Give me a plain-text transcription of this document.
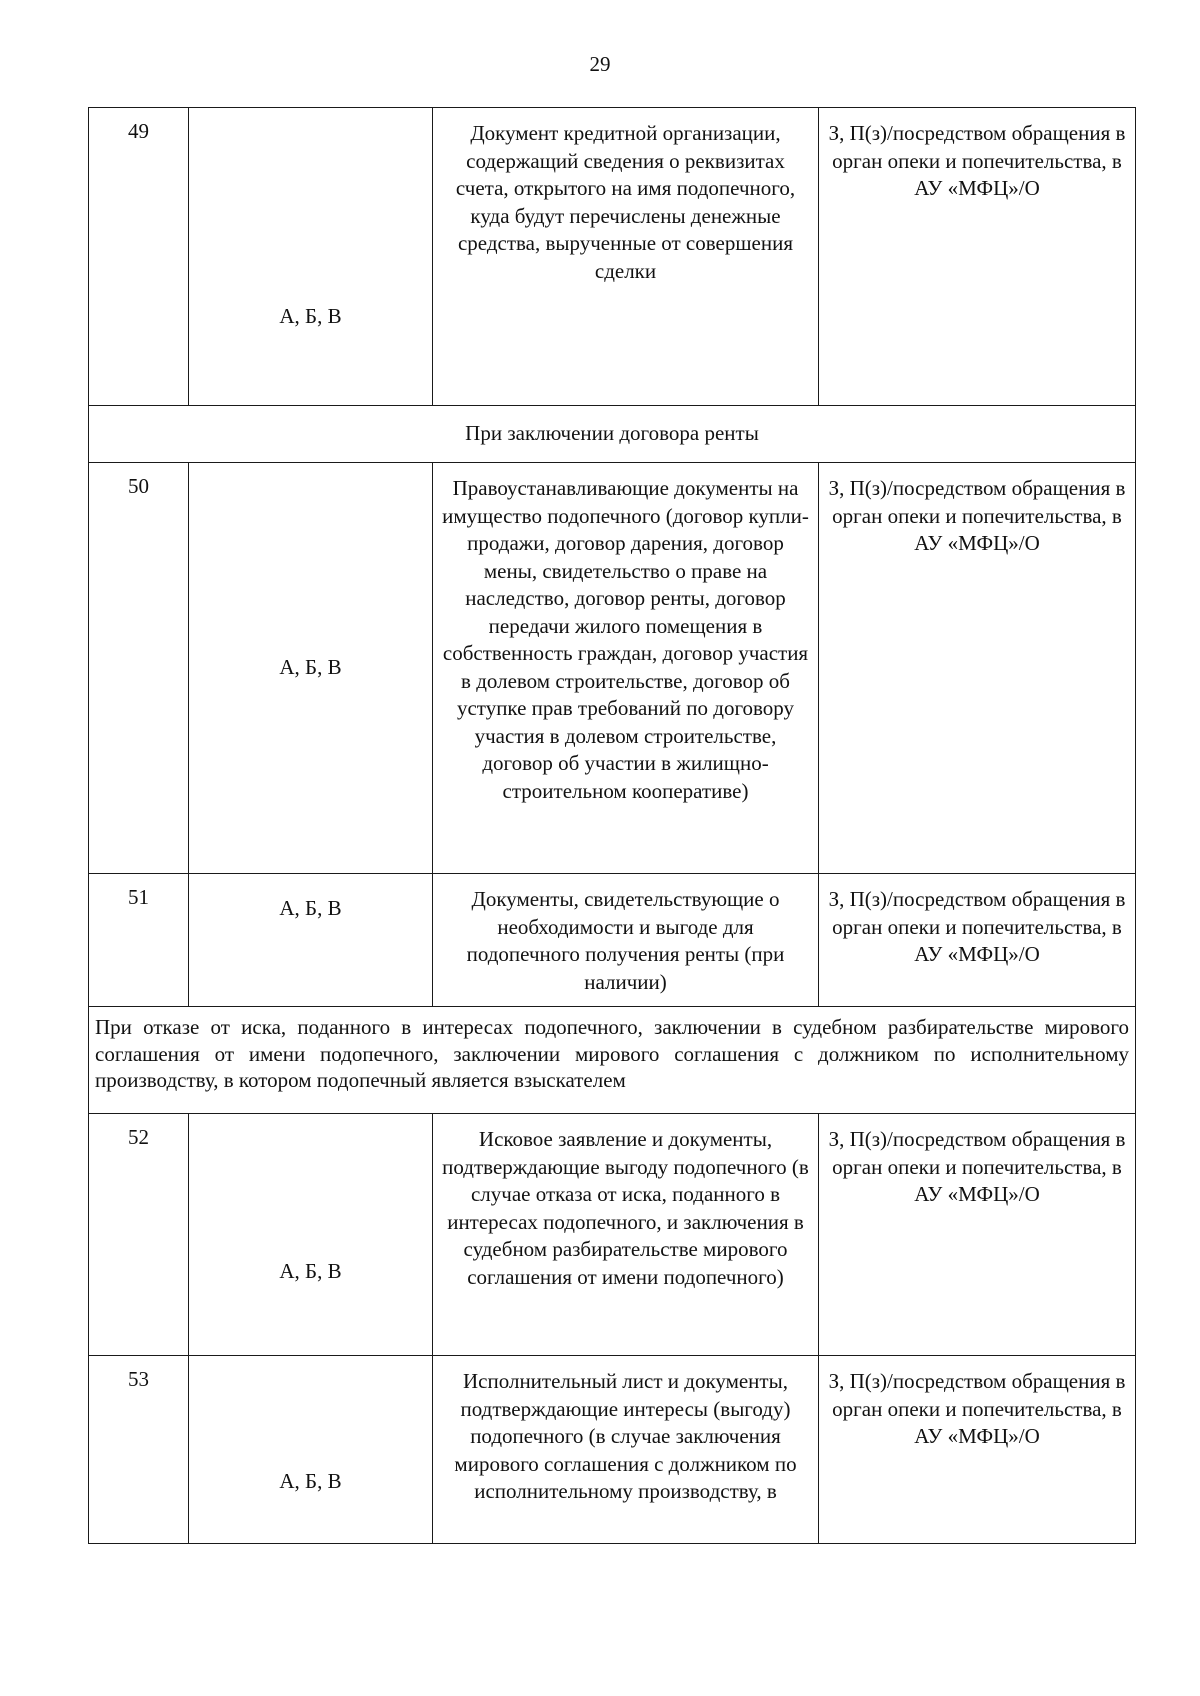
29
49	А, Б, В	Документ кредитной организации, содержащий сведения о реквизитах счета, открытого на имя подопечного, куда будут перечислены денежные средства, вырученные от совершения сделки	З, П(з)/посредством обращения в орган опеки и попечительства, в АУ «МФЦ»/О
При заключении договора ренты			
50	А, Б, В	Правоустанавливающие документы на имущество подопечного (договор купли-продажи, договор дарения, договор мены, свидетельство о праве на наследство, договор ренты, договор передачи жилого помещения в собственность граждан, договор участия в долевом строительстве, договор об уступке прав требований по договору участия в долевом строительстве, договор об участии в жилищно-строительном кооперативе)	З, П(з)/посредством обращения в орган опеки и попечительства, в АУ «МФЦ»/О
51	А, Б, В	Документы, свидетельствующие о необходимости и выгоде для подопечного получения ренты (при наличии)	З, П(з)/посредством обращения в орган опеки и попечительства, в АУ «МФЦ»/О
При отказе от иска, поданного в интересах подопечного, заключении в судебном разбирательстве мирового соглашения от имени подопечного, заключении мирового соглашения с должником по исполнительному производству, в котором подопечный является взыскателем			
52	А, Б, В	Исковое заявление и документы, подтверждающие выгоду подопечного (в случае отказа от иска, поданного в интересах подопечного, и заключения в судебном разбирательстве мирового соглашения от имени подопечного)	З, П(з)/посредством обращения в орган опеки и попечительства, в АУ «МФЦ»/О
53	А, Б, В	Исполнительный лист и документы, подтверждающие интересы (выгоду) подопечного (в случае заключения мирового соглашения с должником по исполнительному производству, в	З, П(з)/посредством обращения в орган опеки и попечительства, в АУ «МФЦ»/О
